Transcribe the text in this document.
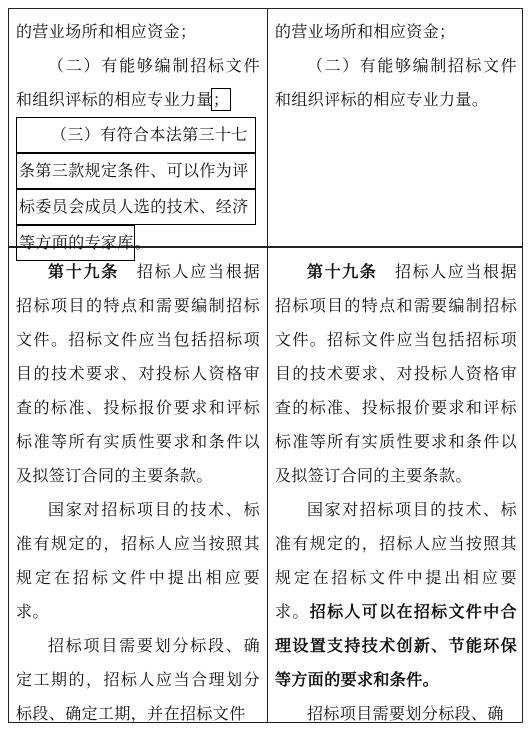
的营业场所和相应资金；

（二）有能够编制招标文件和组织评标的相应专业力量；

（三）有符合本法第三十七
条第三款规定条件、可以作为评
标委员会成员人选的技术、经济
等方面的专家库。

的营业场所和相应资金；

（二）有能够编制招标文件和组织评标的相应专业力量。

第十九条　 招标人应当根据招标项目的特点和需要编制招标文件。招标文件应当包括招标项目的技术要求、对投标人资格审查的标准、投标报价要求和评标标准等所有实质性要求和条件以及拟签订合同的主要条款。

国家对招标项目的技术、标准有规定的，招标人应当按照其规定在招标文件中提出相应要求。

招标项目需要划分标段、确定工期的，招标人应当合理划分标段、确定工期，并在招标文件

第十九条　 招标人应当根据招标项目的特点和需要编制招标文件。招标文件应当包括招标项目的技术要求、对投标人资格审查的标准、投标报价要求和评标标准等所有实质性要求和条件以及拟签订合同的主要条款。

国家对招标项目的技术、标准有规定的，招标人应当按照其规定在招标文件中提出相应要求。招标人可以在招标文件中合理设置支持技术创新、节能环保等方面的要求和条件。

招标项目需要划分标段、确
